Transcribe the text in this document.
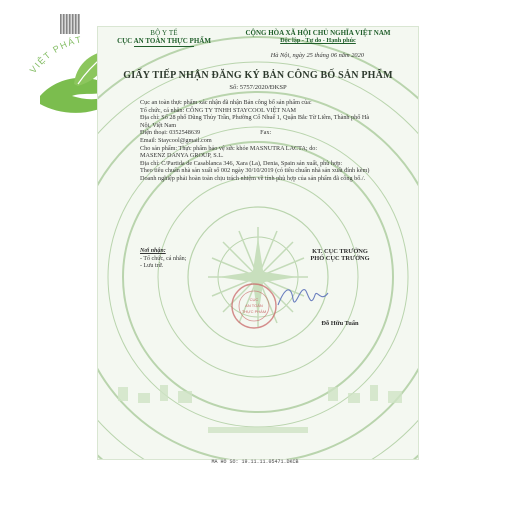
VIỆT PHÁT
BỘ Y TẾ
CỤC AN TOÀN THỰC PHẨM
CỘNG HÒA XÃ HỘI CHỦ NGHĨA VIỆT NAM
Độc lập - Tự do - Hạnh phúc
Hà Nội, ngày 25 tháng 06 năm 2020
GIẤY TIẾP NHẬN ĐĂNG KÝ BẢN CÔNG BỐ SẢN PHẨM
Số: 5757/2020/ĐKSP
Cục an toàn thực phẩm xác nhận đã nhận Bản công bố sản phẩm của:
Tổ chức, cá nhân: CÔNG TY TNHH STAYCOOL VIỆT NAM
Địa chỉ: Số 28 phố Dũng Thủy Trần, Phường Cổ Nhuế 1, Quận Bắc Từ Liêm, Thành phố Hà Nội, Việt Nam
Điện thoại: 0352548639	Fax:
Email: Staycool@gmail.com
Cho sản phẩm: Thực phẩm bảo vệ sức khỏe MASNUTRA LACTA; do:
MASENZ DANYA GROUP, S.L.
Địa chỉ: C/Partida de Casablanca 346, Xara (La), Denia, Spain sản xuất, phù hợp:
Theo tiêu chuẩn nhà sản xuất số 002 ngày 30/10/2019 (có tiêu chuẩn nhà sản xuất đính kèm)
Doanh nghiệp phải hoàn toàn chịu trách nhiệm về tính phù hợp của sản phẩm đã công bố./.
Nơi nhận:
- Tổ chức, cá nhân;
- Lưu trữ.
KT. CỤC TRƯỞNG
PHÓ CỤC TRƯỞNG
CỤC
AN TOÀN
THỰC PHẨM
Đỗ Hữu Tuấn
MA HO SO: 19.11.11.05471.DKCB
